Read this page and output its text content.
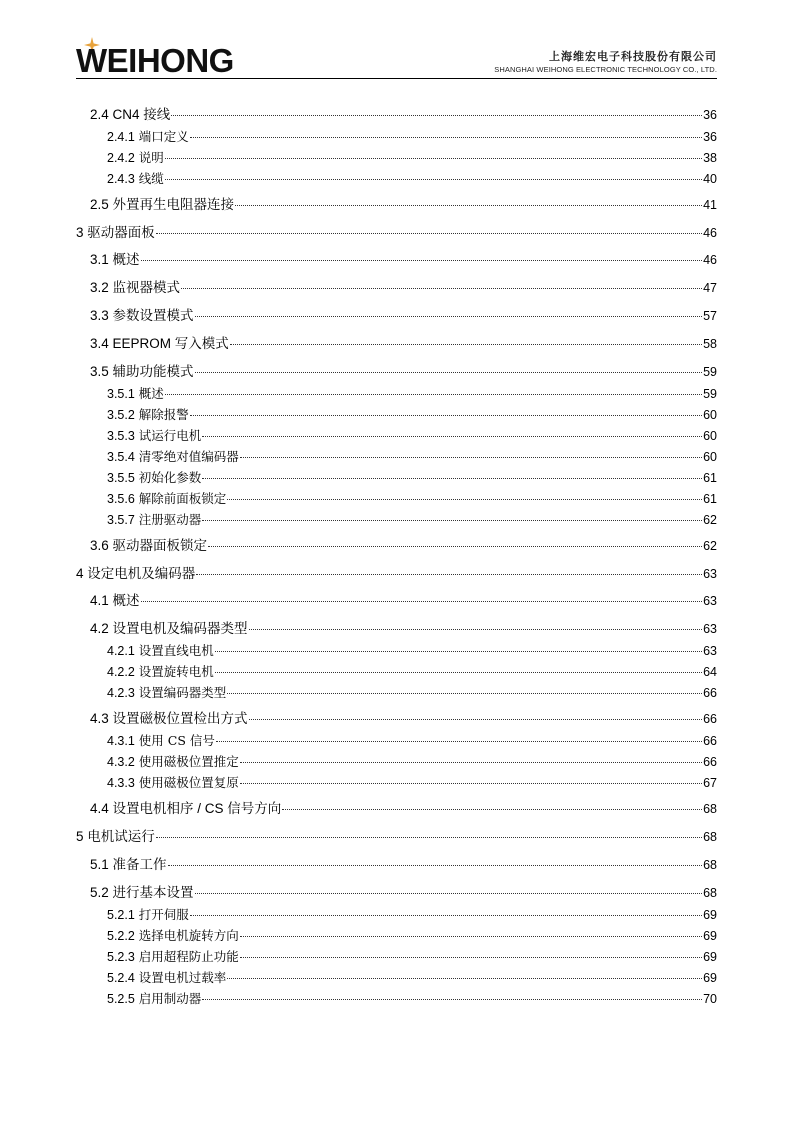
WEIHONG	上海维宏电子科技股份有限公司
SHANGHAI WEIHONG ELECTRONIC TECHNOLOGY CO., LTD.
2.4 CN4 接线	36
2.4.1 端口定义	36
2.4.2 说明	38
2.4.3 线缆	40
2.5 外置再生电阻器连接	41
3 驱动器面板	46
3.1 概述	46
3.2 监视器模式	47
3.3 参数设置模式	57
3.4 EEPROM 写入模式	58
3.5 辅助功能模式	59
3.5.1 概述	59
3.5.2 解除报警	60
3.5.3 试运行电机	60
3.5.4 清零绝对值编码器	60
3.5.5 初始化参数	61
3.5.6 解除前面板锁定	61
3.5.7 注册驱动器	62
3.6 驱动器面板锁定	62
4 设定电机及编码器	63
4.1 概述	63
4.2 设置电机及编码器类型	63
4.2.1 设置直线电机	63
4.2.2 设置旋转电机	64
4.2.3 设置编码器类型	66
4.3 设置磁极位置检出方式	66
4.3.1 使用 CS 信号	66
4.3.2 使用磁极位置推定	66
4.3.3 使用磁极位置复原	67
4.4 设置电机相序 / CS 信号方向	68
5 电机试运行	68
5.1 准备工作	68
5.2 进行基本设置	68
5.2.1 打开伺服	69
5.2.2 选择电机旋转方向	69
5.2.3 启用超程防止功能	69
5.2.4 设置电机过载率	69
5.2.5 启用制动器	70
